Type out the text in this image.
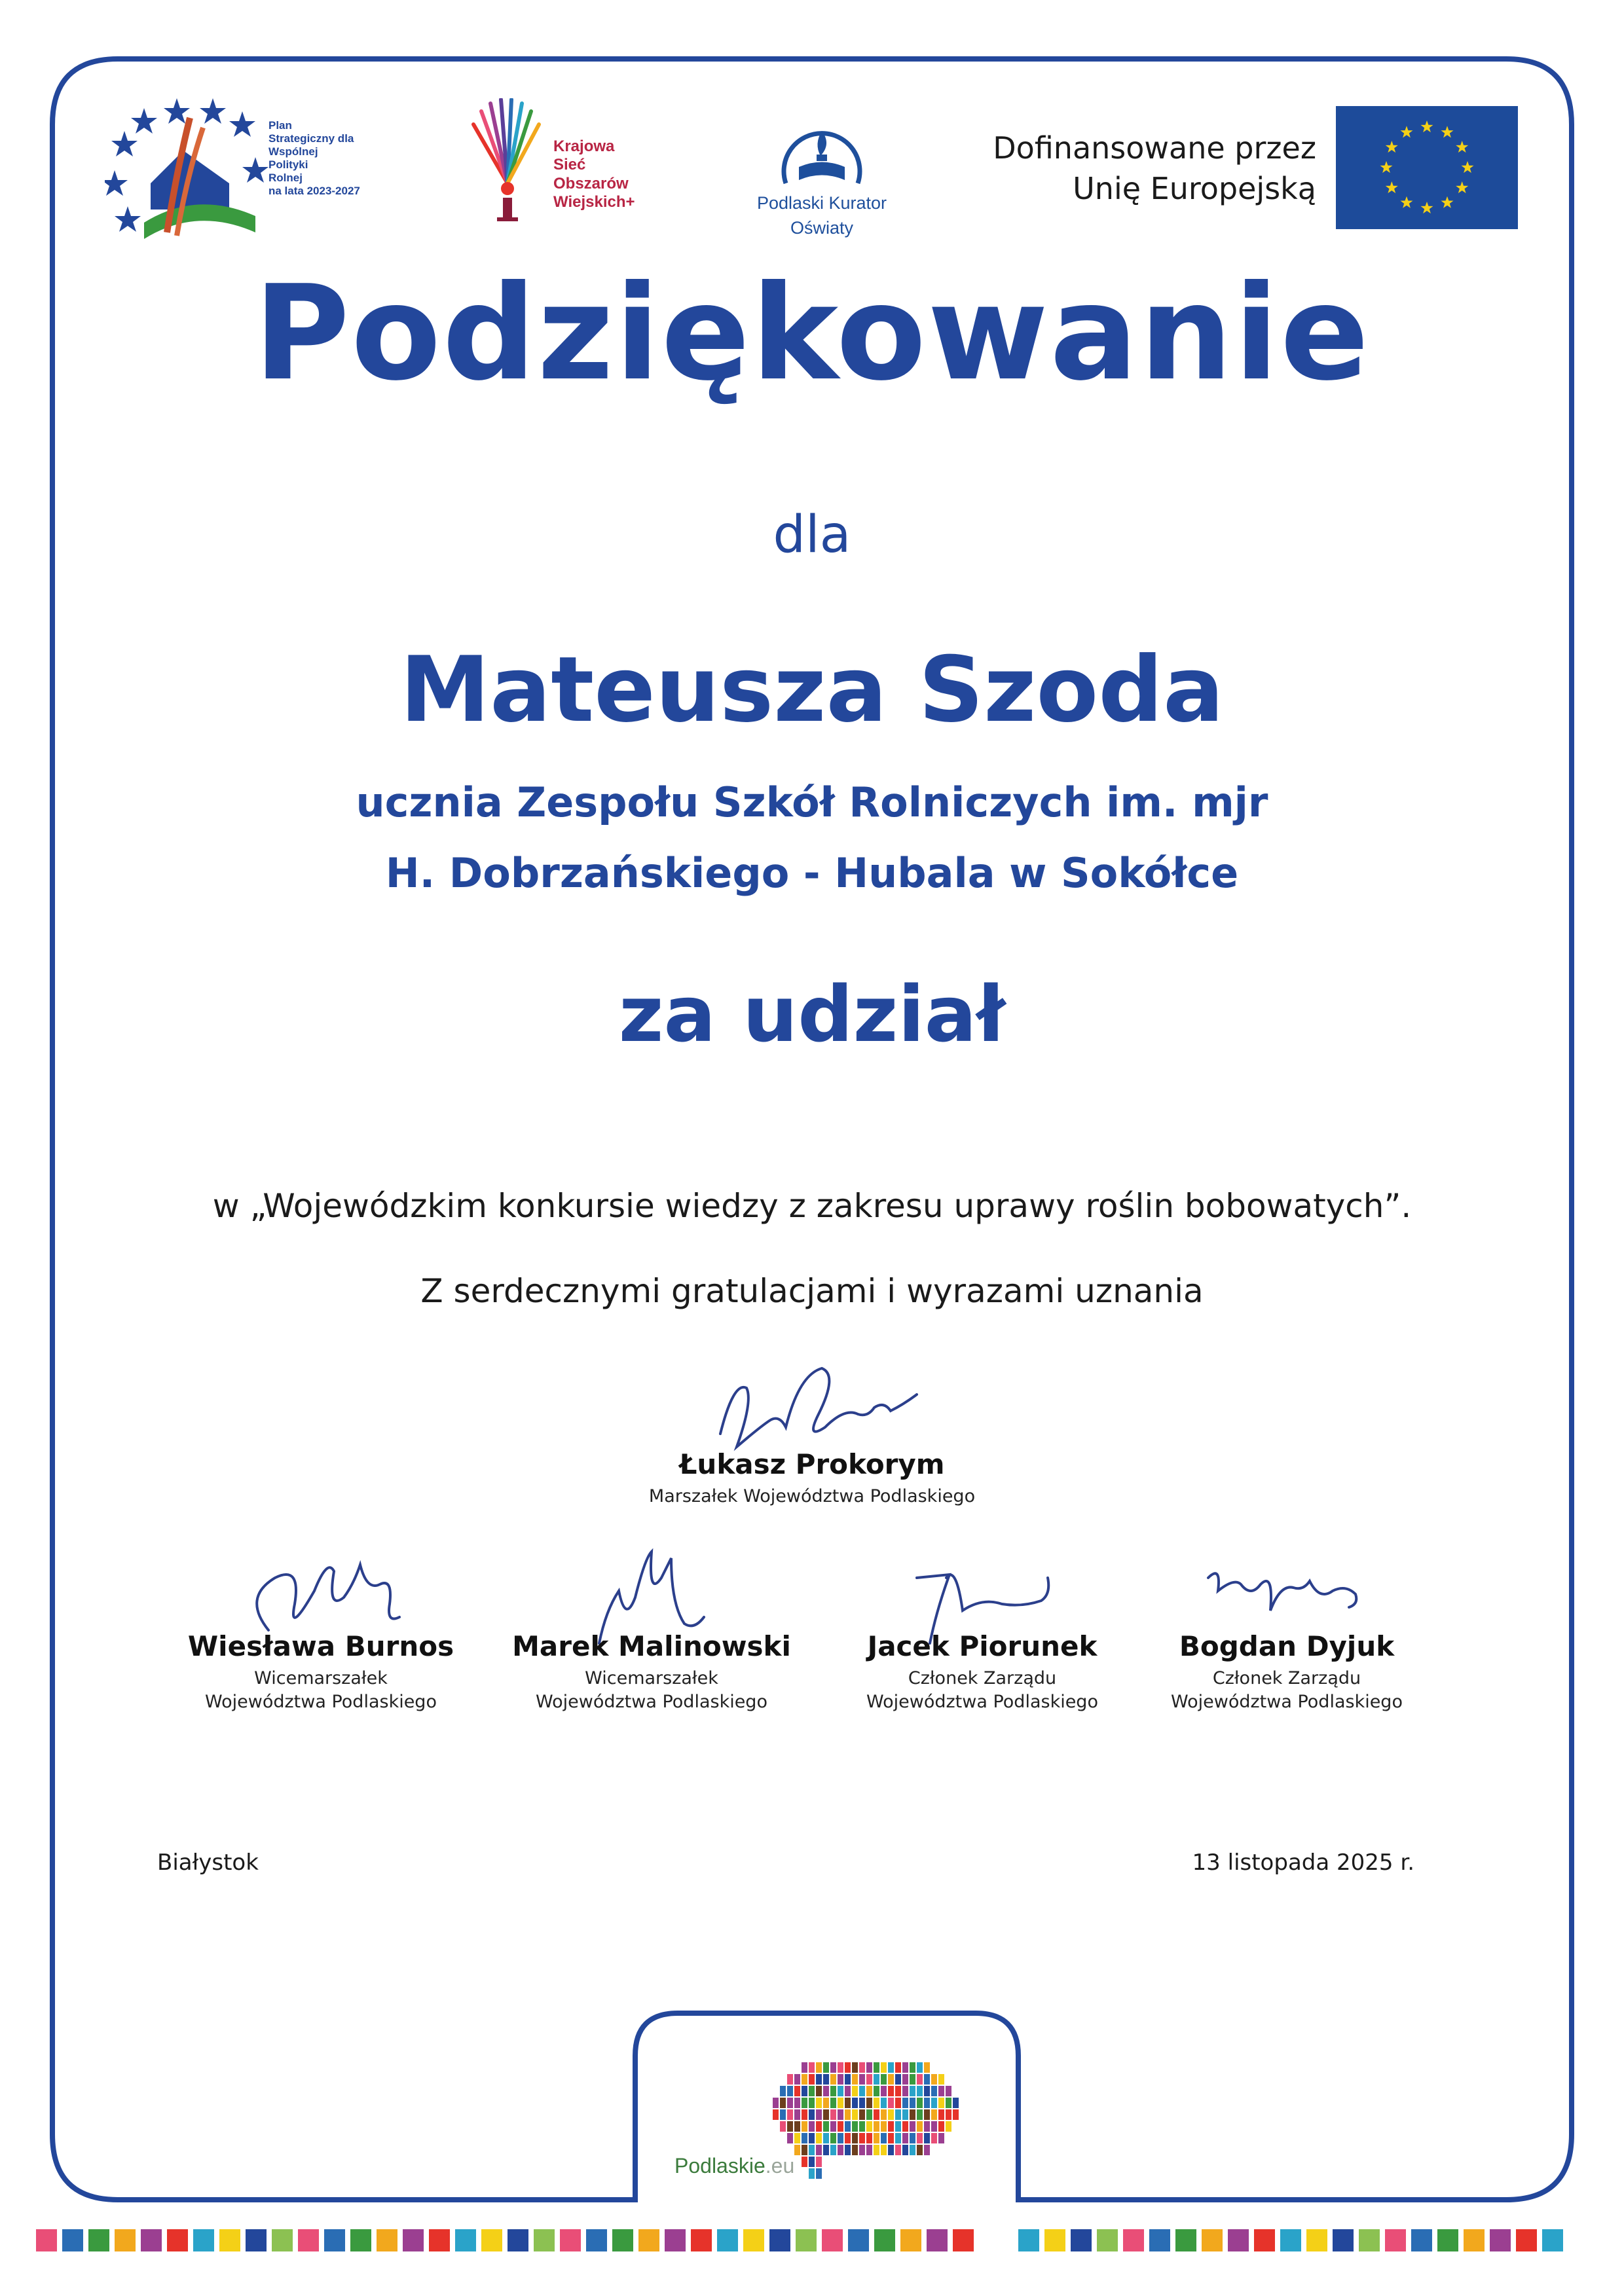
Plan
Strategiczny dla
Wspólnej
Polityki
Rolnej
na lata 2023-2027
Krajowa
Sieć
Obszarów
Wiejskich+	Podlaski Kurator
Oświaty
Dofinansowane przez
Unię Europejską
Podziękowanie
dla
Mateusza Szoda
ucznia Zespołu Szkół Rolniczych im. mjr
H. Dobrzańskiego - Hubala w Sokółce
za udział
w „Wojewódzkim konkursie wiedzy z zakresu uprawy roślin bobowatych”.
Z serdecznymi gratulacjami i wyrazami uznania
Łukasz Prokorym
Marszałek Województwa Podlaskiego
Wiesława Burnos
Wicemarszałek
Województwa Podlaskiego
Marek Malinowski
Wicemarszałek
Województwa Podlaskiego
Jacek Piorunek
Członek Zarządu
Województwa Podlaskiego
Bogdan Dyjuk
Członek Zarządu
Województwa Podlaskiego
Białystok	13 listopada 2025 r.
Podlaskie.eu
